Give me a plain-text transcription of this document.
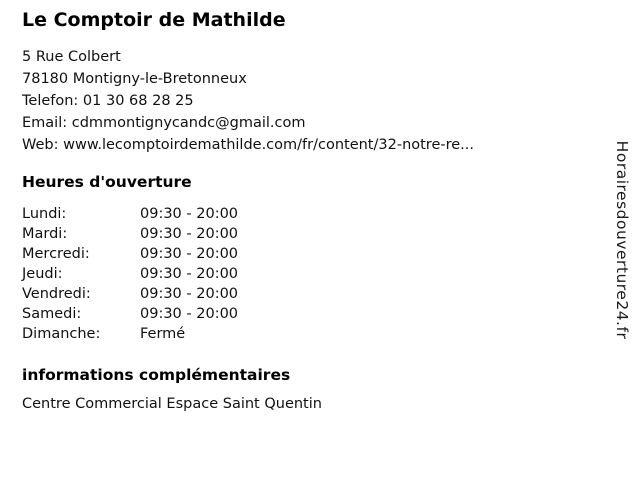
Le Comptoir de Mathilde

5 Rue Colbert

78180 Montigny-le-Bretonneux

Telefon: 01 30 68 28 25

Email: cdmmontignycandc@gmail.com

Web: www.lecomptoirdemathilde.com/fr/content/32-notre-re...

Heures d'ouverture
Lundi:	09:30 - 20:00
Mardi:	09:30 - 20:00
Mercredi:	09:30 - 20:00
Jeudi:	09:30 - 20:00
Vendredi:	09:30 - 20:00
Samedi:	09:30 - 20:00
Dimanche:	Fermé
informations complémentaires

Centre Commercial Espace Saint Quentin

Horairesdouverture24.fr
